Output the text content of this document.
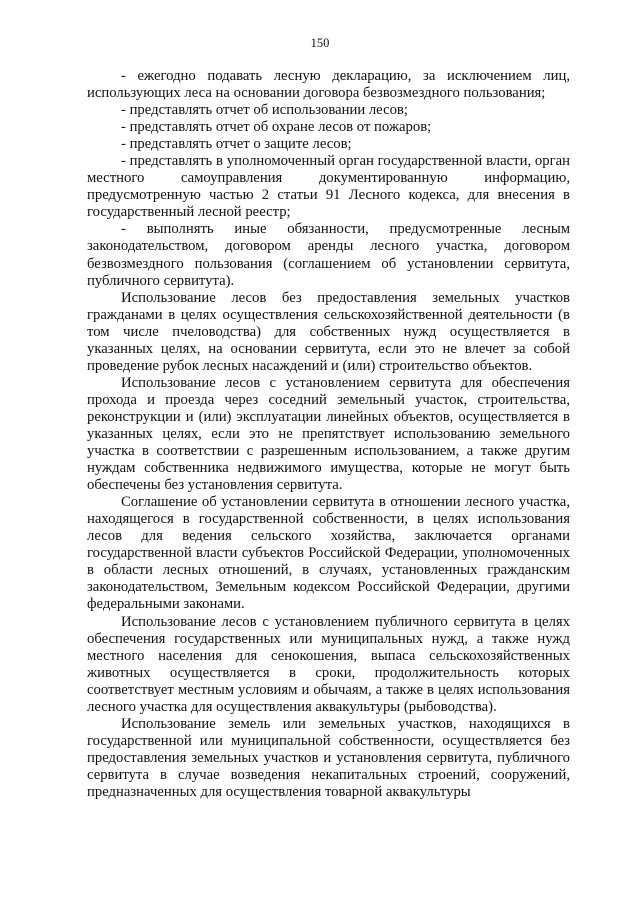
150

- ежегодно подавать лесную декларацию, за исключением лиц, использующих леса на основании договора безвозмездного пользования;

- представлять отчет об использовании лесов;

- представлять отчет об охране лесов от пожаров;

- представлять отчет о защите лесов;

- представлять в уполномоченный орган государственной власти, орган местного самоуправления документированную информацию, предусмотренную частью 2 статьи 91 Лесного кодекса, для внесения в государственный лесной реестр;

- выполнять иные обязанности, предусмотренные лесным законодательством, договором аренды лесного участка, договором безвозмездного пользования (соглашением об установлении сервитута, публичного сервитута).

Использование лесов без предоставления земельных участков гражданами в целях осуществления сельскохозяйственной деятельности (в том числе пчеловодства) для собственных нужд осуществляется в указанных целях, на основании сервитута, если это не влечет за собой проведение рубок лесных насаждений и (или) строительство объектов.

Использование лесов с установлением сервитута для обеспечения прохода и проезда через соседний земельный участок, строительства, реконструкции и (или) эксплуатации линейных объектов, осуществляется в указанных целях, если это не препятствует использованию земельного участка в соответствии с разрешенным использованием, а также другим нуждам собственника недвижимого имущества, которые не могут быть обеспечены без установления сервитута.

Соглашение об установлении сервитута в отношении лесного участка, находящегося в государственной собственности, в целях использования лесов для ведения сельского хозяйства, заключается органами государственной власти субъектов Российской Федерации, уполномоченных в области лесных отношений, в случаях, установленных гражданским законодательством, Земельным кодексом Российской Федерации, другими федеральными законами.

Использование лесов с установлением публичного сервитута в целях обеспечения государственных или муниципальных нужд, а также нужд местного населения для сенокошения, выпаса сельскохозяйственных животных осуществляется в сроки, продолжительность которых соответствует местным условиям и обычаям, а также в целях использования лесного участка для осуществления аквакультуры (рыбоводства).

Использование земель или земельных участков, находящихся в государственной или муниципальной собственности, осуществляется без предоставления земельных участков и установления сервитута, публичного сервитута в случае возведения некапитальных строений, сооружений, предназначенных для осуществления товарной аквакультуры
